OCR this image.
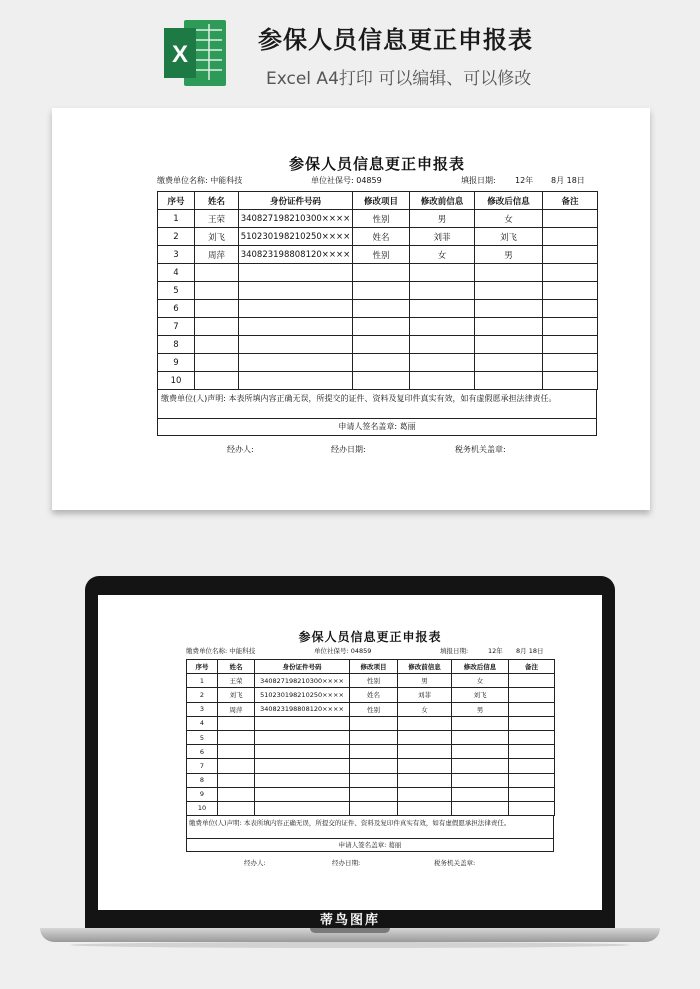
X
参保人员信息更正申报表
Excel A4打印 可以编辑、可以修改
参保人员信息更正申报表
缴费单位名称: 中能科技	单位社保号: 04859	填报日期: 12年 8月 18日
序号	姓名	身份证件号码	修改项目	修改前信息	修改后信息	备注
1	王荣	340827198210300××××	性别	男	女	
2	刘飞	510230198210250××××	姓名	刘菲	刘飞	
3	周萍	340823198808120××××	性别	女	男	
4						
5						
6						
7						
8						
9						
10						
缴费单位(人)声明: 本表所填内容正确无误，所提交的证件、资料及复印件真实有效，如有虚假愿承担法律责任。
申请人签名盖章: 葛丽
经办人:	经办日期:	税务机关盖章:
参保人员信息更正申报表
缴费单位名称: 中能科技	单位社保号: 04859	填报日期:	12年 8月 18日
序号	姓名	身份证件号码	修改项目	修改前信息	修改后信息	备注
1	王荣	340827198210300××××	性别	男	女	
2	刘飞	510230198210250××××	姓名	刘菲	刘飞	
3	周萍	340823198808120××××	性别	女	男	
4						
5						
6						
7						
8						
9						
10						
缴费单位(人)声明: 本表所填内容正确无误，所提交的证件、资料及复印件真实有效，如有虚假愿承担法律责任。
申请人签名盖章: 葛丽
经办人:	经办日期:	税务机关盖章:
蒂鸟图库
